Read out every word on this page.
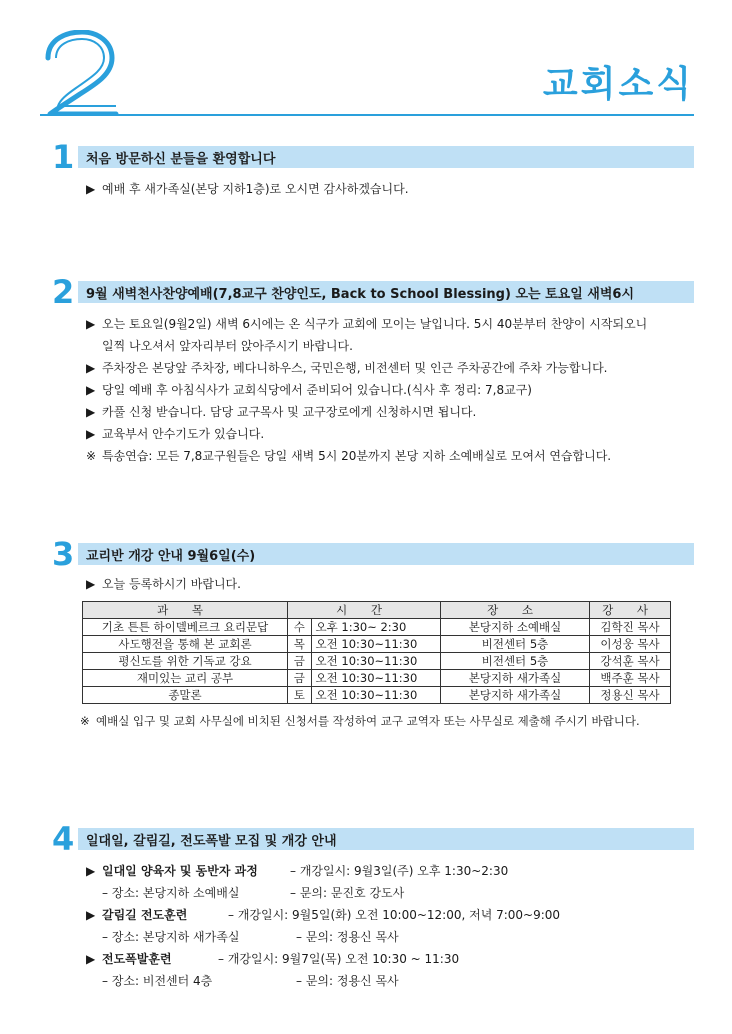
교회소식
1 처음 방문하신 분들을 환영합니다
▶ 예배 후 새가족실(본당 지하1층)로 오시면 감사하겠습니다.
2 9월 새벽천사찬양예배(7,8교구 찬양인도, Back to School Blessing) 오는 토요일 새벽6시
▶ 오는 토요일(9월2일) 새벽 6시에는 온 식구가 교회에 모이는 날입니다. 5시 40분부터 찬양이 시작되오니
일찍 나오셔서 앞자리부터 앉아주시기 바랍니다.
▶ 주차장은 본당앞 주차장, 베다니하우스, 국민은행, 비전센터 및 인근 주차공간에 주차 가능합니다.
▶ 당일 예배 후 아침식사가 교회식당에서 준비되어 있습니다.(식사 후 정리: 7,8교구)
▶ 카풀 신청 받습니다. 담당 교구목사 및 교구장로에게 신청하시면 됩니다.
▶ 교육부서 안수기도가 있습니다.
※ 특송연습: 모든 7,8교구원들은 당일 새벽 5시 20분까지 본당 지하 소예배실로 모여서 연습합니다.
3 교리반 개강 안내 9월6일(수)
▶ 오늘 등록하시기 바랍니다.
과 목	시 간		장 소	강 사
기초 튼튼 하이델베르크 요리문답	수	오후 1:30~ 2:30	본당지하 소예배실	김학진 목사
사도행전을 통해 본 교회론	목	오전 10:30~11:30	비전센터 5층	이성웅 목사
평신도를 위한 기독교 강요	금	오전 10:30~11:30	비전센터 5층	강석훈 목사
재미있는 교리 공부	금	오전 10:30~11:30	본당지하 새가족실	백주훈 목사
종말론	토	오전 10:30~11:30	본당지하 새가족실	정용신 목사
※ 예배실 입구 및 교회 사무실에 비치된 신청서를 작성하여 교구 교역자 또는 사무실로 제출해 주시기 바랍니다.
4 일대일, 갈림길, 전도폭발 모집 및 개강 안내
▶ 일대일 양육자 및 동반자 과정	– 개강일시: 9월3일(주) 오후 1:30~2:30
– 장소: 본당지하 소예배실	– 문의: 문진호 강도사
▶ 갈림길 전도훈련	– 개강일시: 9월5일(화) 오전 10:00~12:00, 저녁 7:00~9:00
– 장소: 본당지하 새가족실	– 문의: 정용신 목사
▶ 전도폭발훈련	– 개강일시: 9월7일(목) 오전 10:30 ~ 11:30
– 장소: 비전센터 4층	– 문의: 정용신 목사
